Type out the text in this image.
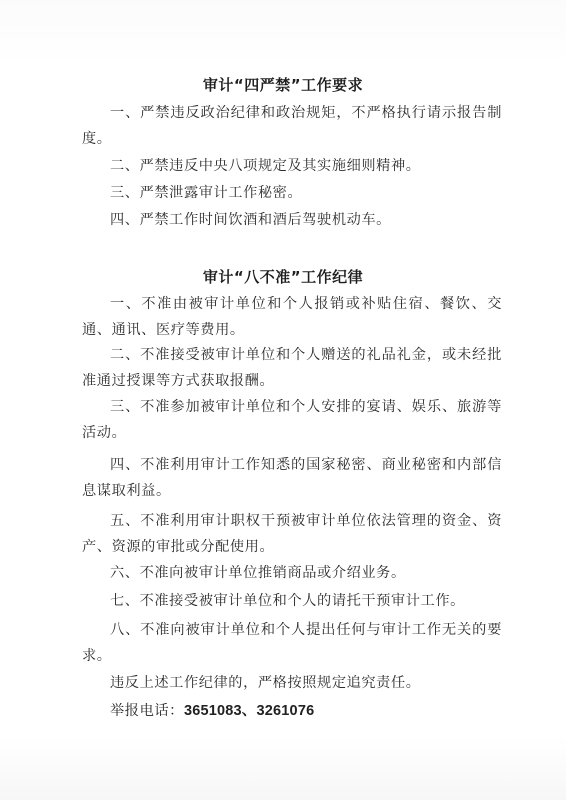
审计“四严禁”工作要求
一、严禁违反政治纪律和政治规矩，不严格执行请示报告制度。
二、严禁违反中央八项规定及其实施细则精神。
三、严禁泄露审计工作秘密。
四、严禁工作时间饮酒和酒后驾驶机动车。
审计“八不准”工作纪律
一、不准由被审计单位和个人报销或补贴住宿、餐饮、交通、通讯、医疗等费用。
二、不准接受被审计单位和个人赠送的礼品礼金，或未经批准通过授课等方式获取报酬。
三、不准参加被审计单位和个人安排的宴请、娱乐、旅游等活动。
四、不准利用审计工作知悉的国家秘密、商业秘密和内部信息谋取利益。
五、不准利用审计职权干预被审计单位依法管理的资金、资产、资源的审批或分配使用。
六、不准向被审计单位推销商品或介绍业务。
七、不准接受被审计单位和个人的请托干预审计工作。
八、不准向被审计单位和个人提出任何与审计工作无关的要求。
违反上述工作纪律的，严格按照规定追究责任。
举报电话：3651083、3261076
